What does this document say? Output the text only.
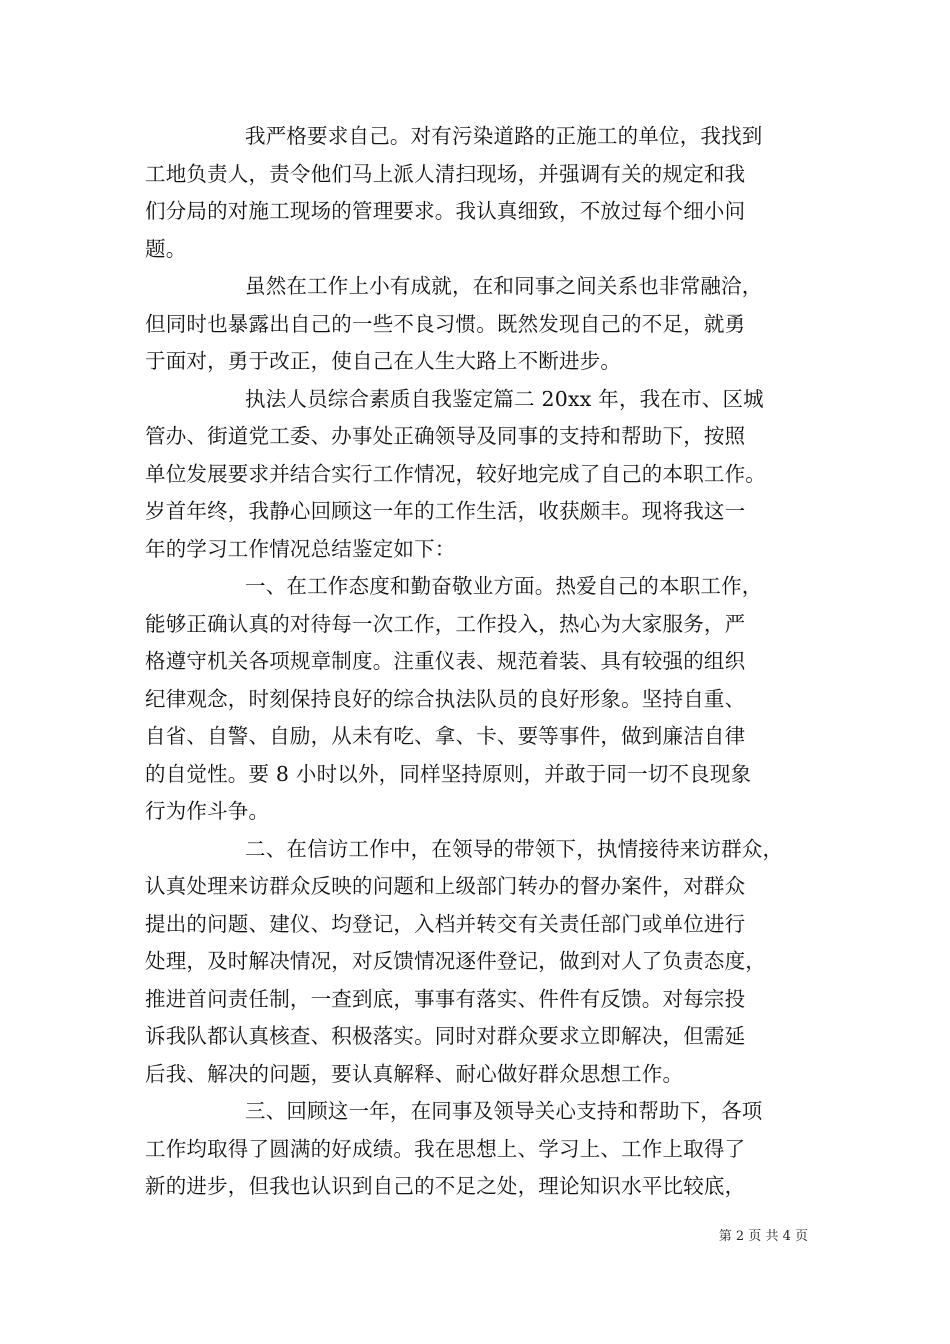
我严格要求自己。对有污染道路的正施工的单位，我找到
工地负责人，责令他们马上派人清扫现场，并强调有关的规定和我
们分局的对施工现场的管理要求。我认真细致，不放过每个细小问
题。
虽然在工作上小有成就，在和同事之间关系也非常融洽，
但同时也暴露出自己的一些不良习惯。既然发现自己的不足，就勇
于面对，勇于改正，使自己在人生大路上不断进步。
执法人员综合素质自我鉴定篇二 20xx 年，我在市、区城
管办、街道党工委、办事处正确领导及同事的支持和帮助下，按照
单位发展要求并结合实行工作情况，较好地完成了自己的本职工作。
岁首年终，我静心回顾这一年的工作生活，收获颇丰。现将我这一
年的学习工作情况总结鉴定如下：
一、在工作态度和勤奋敬业方面。热爱自己的本职工作，
能够正确认真的对待每一次工作，工作投入，热心为大家服务，严
格遵守机关各项规章制度。注重仪表、规范着装、具有较强的组织
纪律观念，时刻保持良好的综合执法队员的良好形象。坚持自重、
自省、自警、自励，从未有吃、拿、卡、要等事件，做到廉洁自律
的自觉性。要 8 小时以外，同样坚持原则，并敢于同一切不良现象
行为作斗争。
二、在信访工作中，在领导的带领下，执情接待来访群众，
认真处理来访群众反映的问题和上级部门转办的督办案件，对群众
提出的问题、建仪、均登记，入档并转交有关责任部门或单位进行
处理，及时解决情况，对反馈情况逐件登记，做到对人了负责态度，
推进首问责任制，一查到底，事事有落实、件件有反馈。对每宗投
诉我队都认真核查、积极落实。同时对群众要求立即解决，但需延
后我、解决的问题，要认真解释、耐心做好群众思想工作。
三、回顾这一年，在同事及领导关心支持和帮助下，各项
工作均取得了圆满的好成绩。我在思想上、学习上、工作上取得了
新的进步，但我也认识到自己的不足之处，理论知识水平比较底，
第 2 页 共 4 页
